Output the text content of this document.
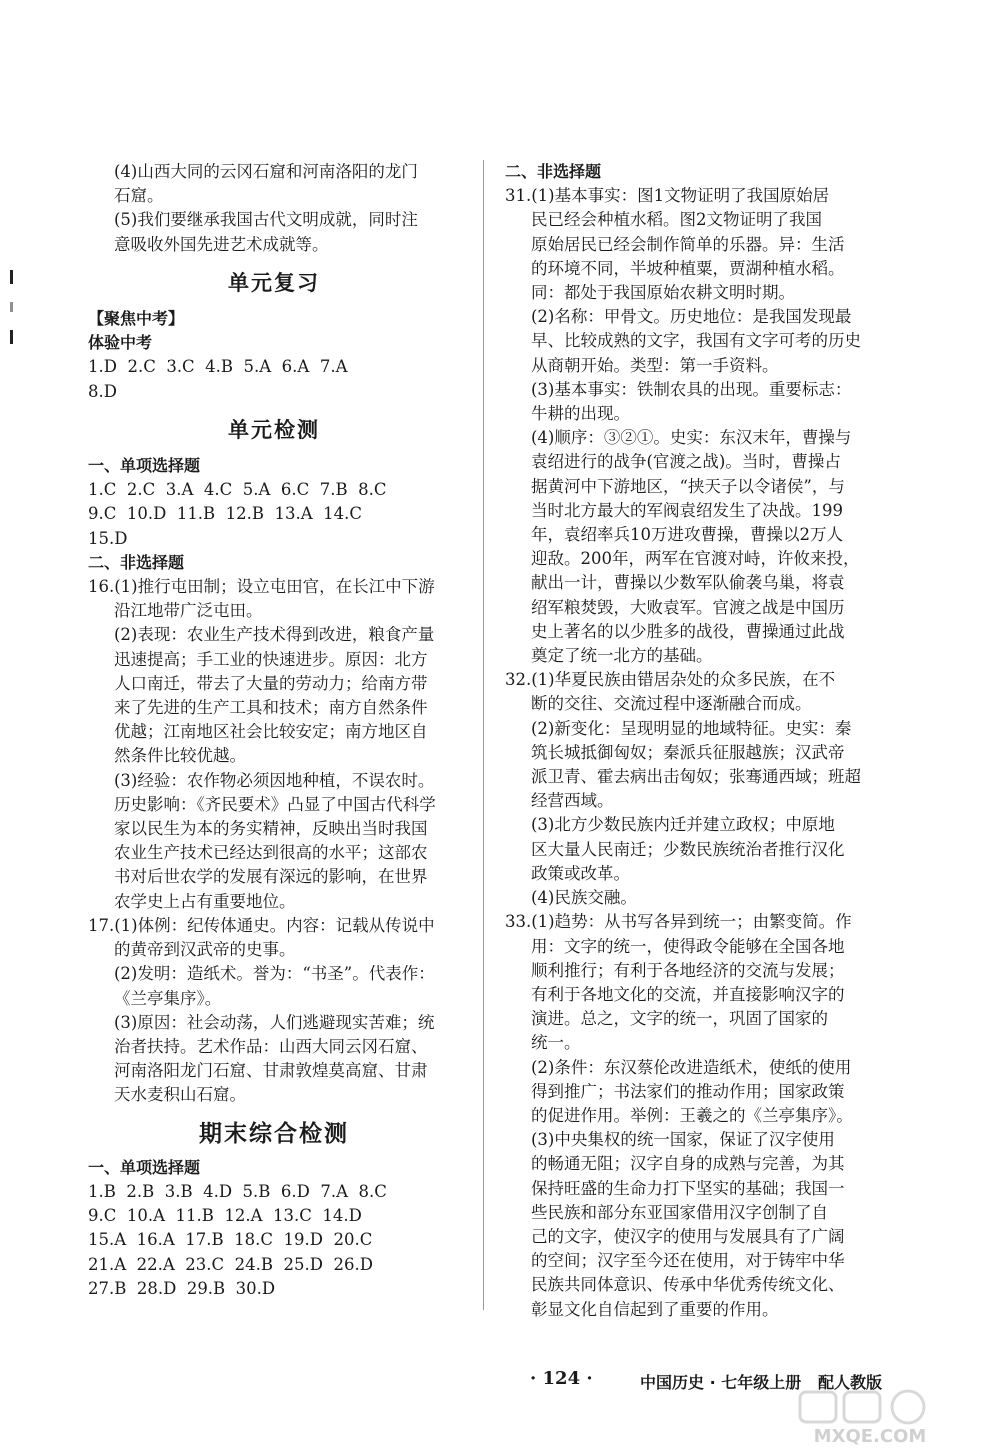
(4)山西大同的云冈石窟和河南洛阳的龙门
石窟。
(5)我们要继承我国古代文明成就，同时注
意吸收外国先进艺术成就等。
单元复习
【聚焦中考】
体验中考
1.D  2.C  3.C  4.B  5.A  6.A  7.A
8.D
单元检测
一、单项选择题
1.C  2.C  3.A  4.C  5.A  6.C  7.B  8.C
9.C  10.D  11.B  12.B  13.A  14.C
15.D
二、非选择题
16.(1)推行屯田制；设立屯田官，在长江中下游
沿江地带广泛屯田。
(2)表现：农业生产技术得到改进，粮食产量
迅速提高；手工业的快速进步。原因：北方
人口南迁，带去了大量的劳动力；给南方带
来了先进的生产工具和技术；南方自然条件
优越；江南地区社会比较安定；南方地区自
然条件比较优越。
(3)经验：农作物必须因地种植，不误农时。
历史影响：《齐民要术》凸显了中国古代科学
家以民生为本的务实精神，反映出当时我国
农业生产技术已经达到很高的水平；这部农
书对后世农学的发展有深远的影响，在世界
农学史上占有重要地位。
17.(1)体例：纪传体通史。内容：记载从传说中
的黄帝到汉武帝的史事。
(2)发明：造纸术。誉为：“书圣”。代表作：
《兰亭集序》。
(3)原因：社会动荡，人们逃避现实苦难；统
治者扶持。艺术作品：山西大同云冈石窟、
河南洛阳龙门石窟、甘肃敦煌莫高窟、甘肃
天水麦积山石窟。
期末综合检测
一、单项选择题
1.B  2.B  3.B  4.D  5.B  6.D  7.A  8.C
9.C  10.A  11.B  12.A  13.C  14.D
15.A  16.A  17.B  18.C  19.D  20.C
21.A  22.A  23.C  24.B  25.D  26.D
27.B  28.D  29.B  30.D
二、非选择题
31.(1)基本事实：图1文物证明了我国原始居
民已经会种植水稻。图2文物证明了我国
原始居民已经会制作简单的乐器。异：生活
的环境不同，半坡种植粟，贾湖种植水稻。
同：都处于我国原始农耕文明时期。
(2)名称：甲骨文。历史地位：是我国发现最
早、比较成熟的文字，我国有文字可考的历史
从商朝开始。类型：第一手资料。
(3)基本事实：铁制农具的出现。重要标志：
牛耕的出现。
(4)顺序：③②①。史实：东汉末年，曹操与
袁绍进行的战争(官渡之战)。当时，曹操占
据黄河中下游地区，“挟天子以令诸侯”，与
当时北方最大的军阀袁绍发生了决战。199
年，袁绍率兵10万进攻曹操，曹操以2万人
迎敌。200年，两军在官渡对峙，许攸来投，
献出一计，曹操以少数军队偷袭乌巢，将袁
绍军粮焚毁，大败袁军。官渡之战是中国历
史上著名的以少胜多的战役，曹操通过此战
奠定了统一北方的基础。
32.(1)华夏民族由错居杂处的众多民族，在不
断的交往、交流过程中逐渐融合而成。
(2)新变化：呈现明显的地域特征。史实：秦
筑长城抵御匈奴；秦派兵征服越族；汉武帝
派卫青、霍去病出击匈奴；张骞通西域；班超
经营西域。
(3)北方少数民族内迁并建立政权；中原地
区大量人民南迁；少数民族统治者推行汉化
政策或改革。
(4)民族交融。
33.(1)趋势：从书写各异到统一；由繁变简。作
用：文字的统一，使得政令能够在全国各地
顺利推行；有利于各地经济的交流与发展；
有利于各地文化的交流，并直接影响汉字的
演进。总之，文字的统一，巩固了国家的
统一。
(2)条件：东汉蔡伦改进造纸术，使纸的使用
得到推广；书法家们的推动作用；国家政策
的促进作用。举例：王羲之的《兰亭集序》。
(3)中央集权的统一国家，保证了汉字使用
的畅通无阻；汉字自身的成熟与完善，为其
保持旺盛的生命力打下坚实的基础；我国一
些民族和部分东亚国家借用汉字创制了自
己的文字，使汉字的使用与发展具有了广阔
的空间；汉字至今还在使用，对于铸牢中华
民族共同体意识、传承中华优秀传统文化、
彰显文化自信起到了重要的作用。
· 124 ·	中国历史 · 七年级上册 配人教版
MXQE.COM
